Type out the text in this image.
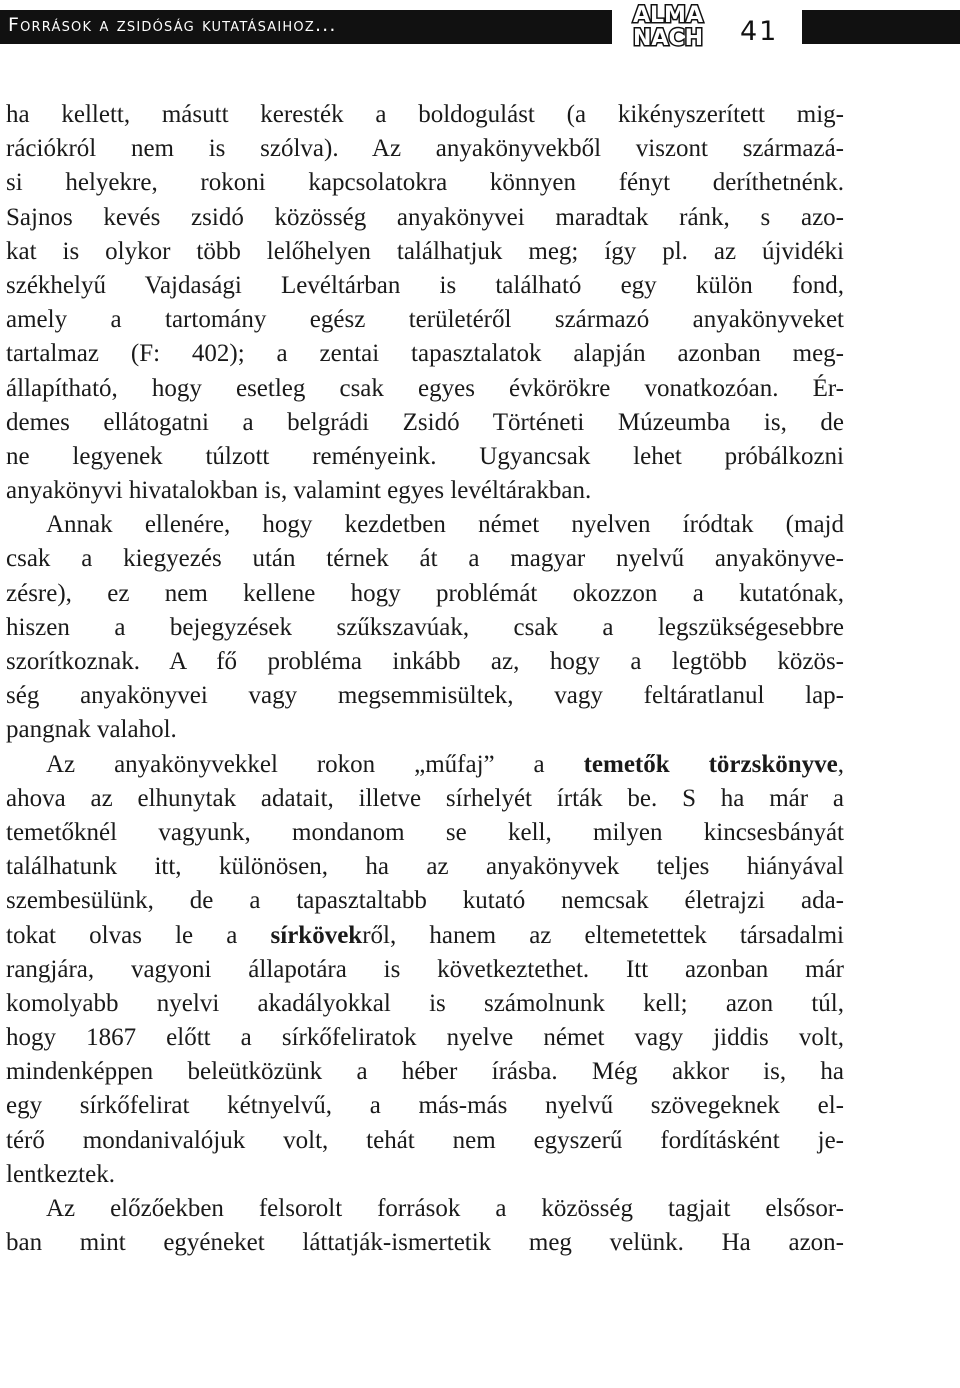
Források a zsidóság kutatásaihoz...	ALMA
NACH 41
ha kellett, másutt keresték a boldogulást (a kikényszerített mig-
rációkról nem is szólva). Az anyakönyvekből viszont származá-
si helyekre, rokoni kapcsolatokra könnyen fényt deríthetnénk.
Sajnos kevés zsidó közösség anyakönyvei maradtak ránk, s azo-
kat is olykor több lelőhelyen találhatjuk meg; így pl. az újvidéki
székhelyű Vajdasági Levéltárban is található egy külön fond,
amely a tartomány egész területéről származó anyakönyveket
tartalmaz (F: 402); a zentai tapasztalatok alapján azonban meg-
állapítható, hogy esetleg csak egyes évkörökre vonatkozóan. Ér-
demes ellátogatni a belgrádi Zsidó Történeti Múzeumba is, de
ne legyenek túlzott reményeink. Ugyancsak lehet próbálkozni
anyakönyvi hivatalokban is, valamint egyes levéltárakban.
Annak ellenére, hogy kezdetben német nyelven íródtak (majd
csak a kiegyezés után térnek át a magyar nyelvű anyakönyve-
zésre), ez nem kellene hogy problémát okozzon a kutatónak,
hiszen a bejegyzések szűkszavúak, csak a legszükségesebbre
szorítkoznak. A fő probléma inkább az, hogy a legtöbb közös-
ség anyakönyvei vagy megsemmisültek, vagy feltáratlanul lap-
pangnak valahol.
Az anyakönyvekkel rokon „műfaj” a temetők törzskönyve,
ahova az elhunytak adatait, illetve sírhelyét írták be. S ha már a
temetőknél vagyunk, mondanom se kell, milyen kincsesbányát
találhatunk itt, különösen, ha az anyakönyvek teljes hiányával
szembesülünk, de a tapasztaltabb kutató nemcsak életrajzi ada-
tokat olvas le a sírkövekről, hanem az eltemetettek társadalmi
rangjára, vagyoni állapotára is következtethet. Itt azonban már
komolyabb nyelvi akadályokkal is számolnunk kell; azon túl,
hogy 1867 előtt a sírkőfeliratok nyelve német vagy jiddis volt,
mindenképpen beleütközünk a héber írásba. Még akkor is, ha
egy sírkőfelirat kétnyelvű, a más-más nyelvű szövegeknek el-
térő mondanivalójuk volt, tehát nem egyszerű fordításként je-
lentkeztek.
Az előzőekben felsorolt források a közösség tagjait elsősor-
ban mint egyéneket láttatják-ismertetik meg velünk. Ha azon-
